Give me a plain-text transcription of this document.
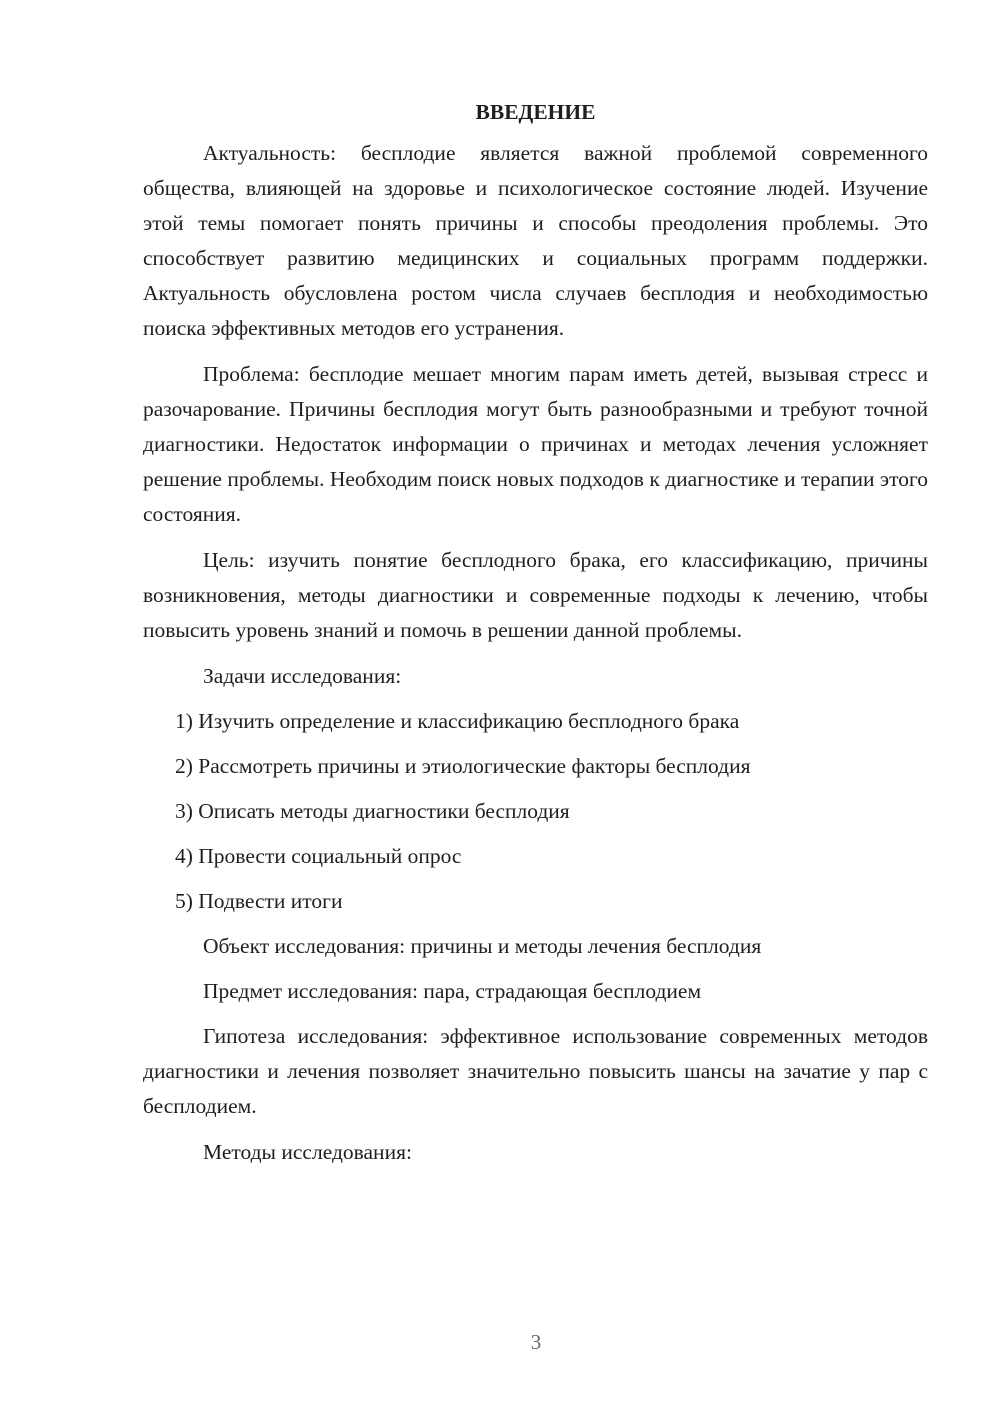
ВВЕДЕНИЕ

Актуальность: бесплодие является важной проблемой современного общества, влияющей на здоровье и психологическое состояние людей. Изучение этой темы помогает понять причины и способы преодоления проблемы. Это способствует развитию медицинских и социальных программ поддержки. Актуальность обусловлена ростом числа случаев бесплодия и необходимостью поиска эффективных методов его устранения.

Проблема: бесплодие мешает многим парам иметь детей, вызывая стресс и разочарование. Причины бесплодия могут быть разнообразными и требуют точной диагностики. Недостаток информации о причинах и методах лечения усложняет решение проблемы. Необходим поиск новых подходов к диагностике и терапии этого состояния.

Цель: изучить понятие бесплодного брака, его классификацию, причины возникновения, методы диагностики и современные подходы к лечению, чтобы повысить уровень знаний и помочь в решении данной проблемы.

Задачи исследования:

1) Изучить определение и классификацию бесплодного брака
2) Рассмотреть причины и этиологические факторы бесплодия
3) Описать методы диагностики бесплодия
4) Провести социальный опрос
5) Подвести итоги

Объект исследования: причины и методы лечения бесплодия

Предмет исследования: пара, страдающая бесплодием

Гипотеза исследования: эффективное использование современных методов диагностики и лечения позволяет значительно повысить шансы на зачатие у пар с бесплодием.

Методы исследования:

3
